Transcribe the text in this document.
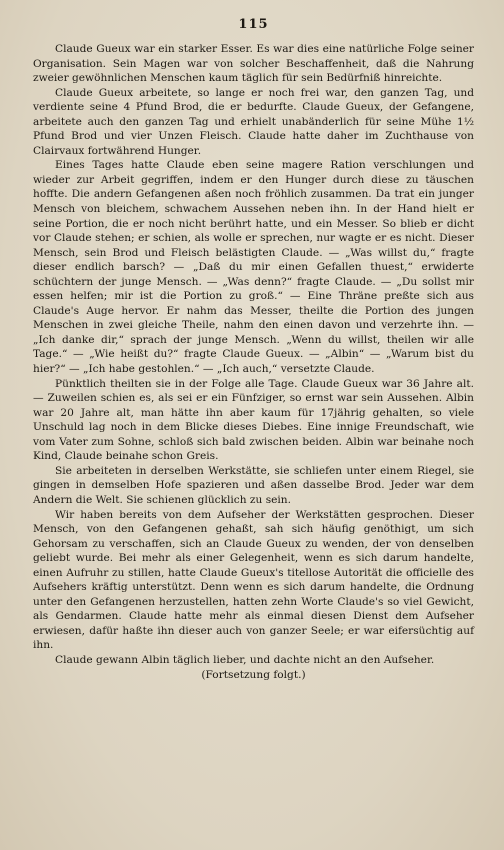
115

Claude Gueux war ein starker Esser. Es war dies eine natürliche Folge seiner Organisation. Sein Magen war von solcher Beschaffenheit, daß die Nahrung zweier gewöhnlichen Menschen kaum täglich für sein Bedürfniß hinreichte.

Claude Gueux arbeitete, so lange er noch frei war, den ganzen Tag, und verdiente seine 4 Pfund Brod, die er bedurfte. Claude Gueux, der Gefangene, arbeitete auch den ganzen Tag und erhielt unabänderlich für seine Mühe 1½ Pfund Brod und vier Unzen Fleisch. Claude hatte daher im Zuchthause von Clairvaux fortwährend Hunger.

Eines Tages hatte Claude eben seine magere Ration verschlungen und wieder zur Arbeit gegriffen, indem er den Hunger durch diese zu täuschen hoffte. Die andern Gefangenen aßen noch fröhlich zusammen. Da trat ein junger Mensch von bleichem, schwachem Aussehen neben ihn. In der Hand hielt er seine Portion, die er noch nicht berührt hatte, und ein Messer. So blieb er dicht vor Claude stehen; er schien, als wolle er sprechen, nur wagte er es nicht. Dieser Mensch, sein Brod und Fleisch belästigten Claude. — „Was willst du,“ fragte dieser endlich barsch? — „Daß du mir einen Gefallen thuest,“ erwiderte schüchtern der junge Mensch. — „Was denn?“ fragte Claude. — „Du sollst mir essen helfen; mir ist die Portion zu groß.“ — Eine Thräne preßte sich aus Claude's Auge hervor. Er nahm das Messer, theilte die Portion des jungen Menschen in zwei gleiche Theile, nahm den einen davon und verzehrte ihn. — „Ich danke dir,“ sprach der junge Mensch. „Wenn du willst, theilen wir alle Tage.“ — „Wie heißt du?“ fragte Claude Gueux. — „Albin“ — „Warum bist du hier?“ — „Ich habe gestohlen.“ — „Ich auch,“ versetzte Claude.

Pünktlich theilten sie in der Folge alle Tage. Claude Gueux war 36 Jahre alt. — Zuweilen schien es, als sei er ein Fünfziger, so ernst war sein Aussehen. Albin war 20 Jahre alt, man hätte ihn aber kaum für 17jährig gehalten, so viele Unschuld lag noch in dem Blicke dieses Diebes. Eine innige Freundschaft, wie vom Vater zum Sohne, schloß sich bald zwischen beiden. Albin war beinahe noch Kind, Claude beinahe schon Greis.

Sie arbeiteten in derselben Werkstätte, sie schliefen unter einem Riegel, sie gingen in demselben Hofe spazieren und aßen dasselbe Brod. Jeder war dem Andern die Welt. Sie schienen glücklich zu sein.

Wir haben bereits von dem Aufseher der Werkstätten gesprochen. Dieser Mensch, von den Gefangenen gehaßt, sah sich häufig genöthigt, um sich Gehorsam zu verschaffen, sich an Claude Gueux zu wenden, der von denselben geliebt wurde. Bei mehr als einer Gelegenheit, wenn es sich darum handelte, einen Aufruhr zu stillen, hatte Claude Gueux's titellose Autorität die officielle des Aufsehers kräftig unterstützt. Denn wenn es sich darum handelte, die Ordnung unter den Gefangenen herzustellen, hatten zehn Worte Claude's so viel Gewicht, als Gendarmen. Claude hatte mehr als einmal diesen Dienst dem Aufseher erwiesen, dafür haßte ihn dieser auch von ganzer Seele; er war eifersüchtig auf ihn.

Claude gewann Albin täglich lieber, und dachte nicht an den Aufseher.

(Fortsetzung folgt.)
